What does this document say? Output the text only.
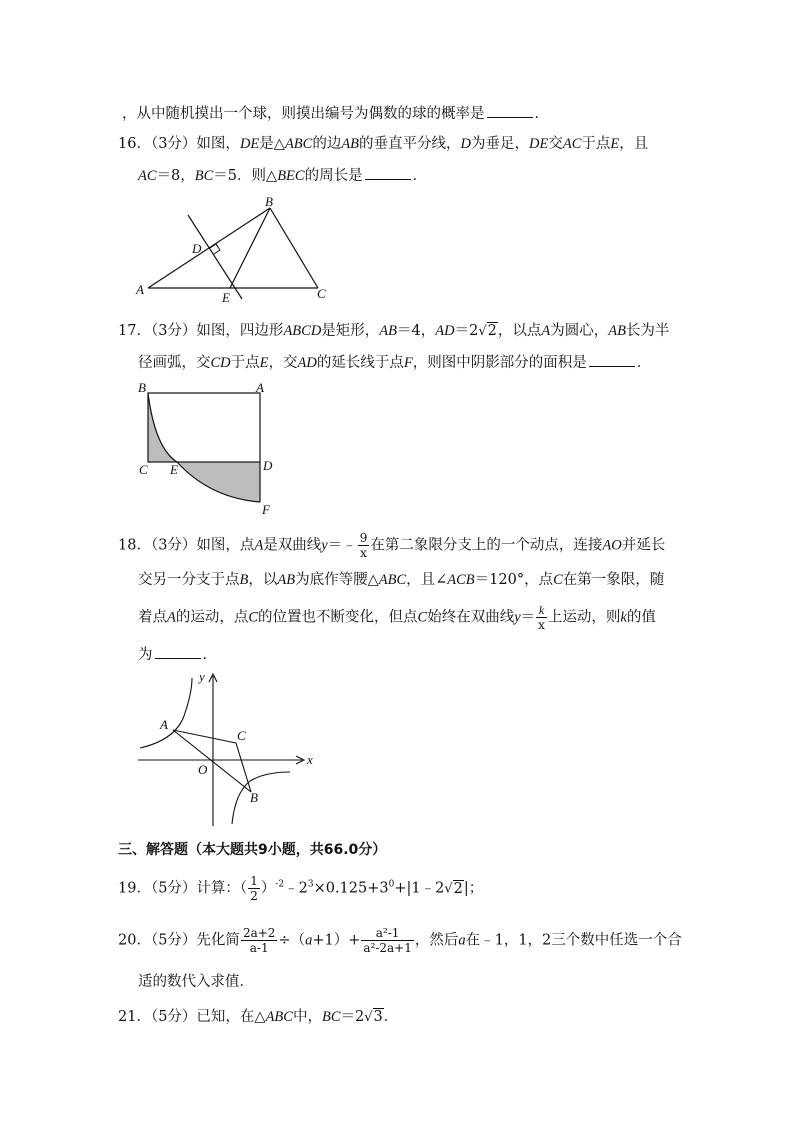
，从中随机摸出一个球，则摸出编号为偶数的球的概率是	．
16．（3分）如图，DE是△ABC的边AB的垂直平分线，D为垂足，DE交AC于点E，且
AC＝8，BC＝5．则△BEC的周长是	．
B
D
A
E	C
17．（3分）如图，四边形ABCD是矩形，AB＝4，AD＝2√2，以点A为圆心，AB长为半
径画弧，交CD于点E，交AD的延长线于点F，则图中阴影部分的面积是	．
B	A
C E	D
F
18．（3分）如图，点A是双曲线y＝﹣ $\frac{9}{x}$ 在第二象限分支上的一个动点，连接AO并延长
交另一分支于点B，以AB为底作等腰△ABC，且∠ACB＝120°，点C在第一象限，随
着点A的运动，点C的位置也不断变化，但点C始终在双曲线$y= \frac{k}{x}$ 上运动，则k的值
为	．
y
x
A
C
O
B
三、解答题（本大题共9小题，共66.0分）
19．（5分）计算：（ $\frac{1}{2}$ ）$^{-2}﹣2^3\times 0.125+3^0+|1﹣2√2|$；
20．（5分）先化简 $\frac{2a+2}{a-1} \div(a+1)+ \frac{\text{a²-1}}{\text{a²-2a+1}}$ ，然后a在﹣1，1，2三个数中任选一个合
适的数代入求值．
21．（5分）已知，在△ABC中，BC＝2√3．
